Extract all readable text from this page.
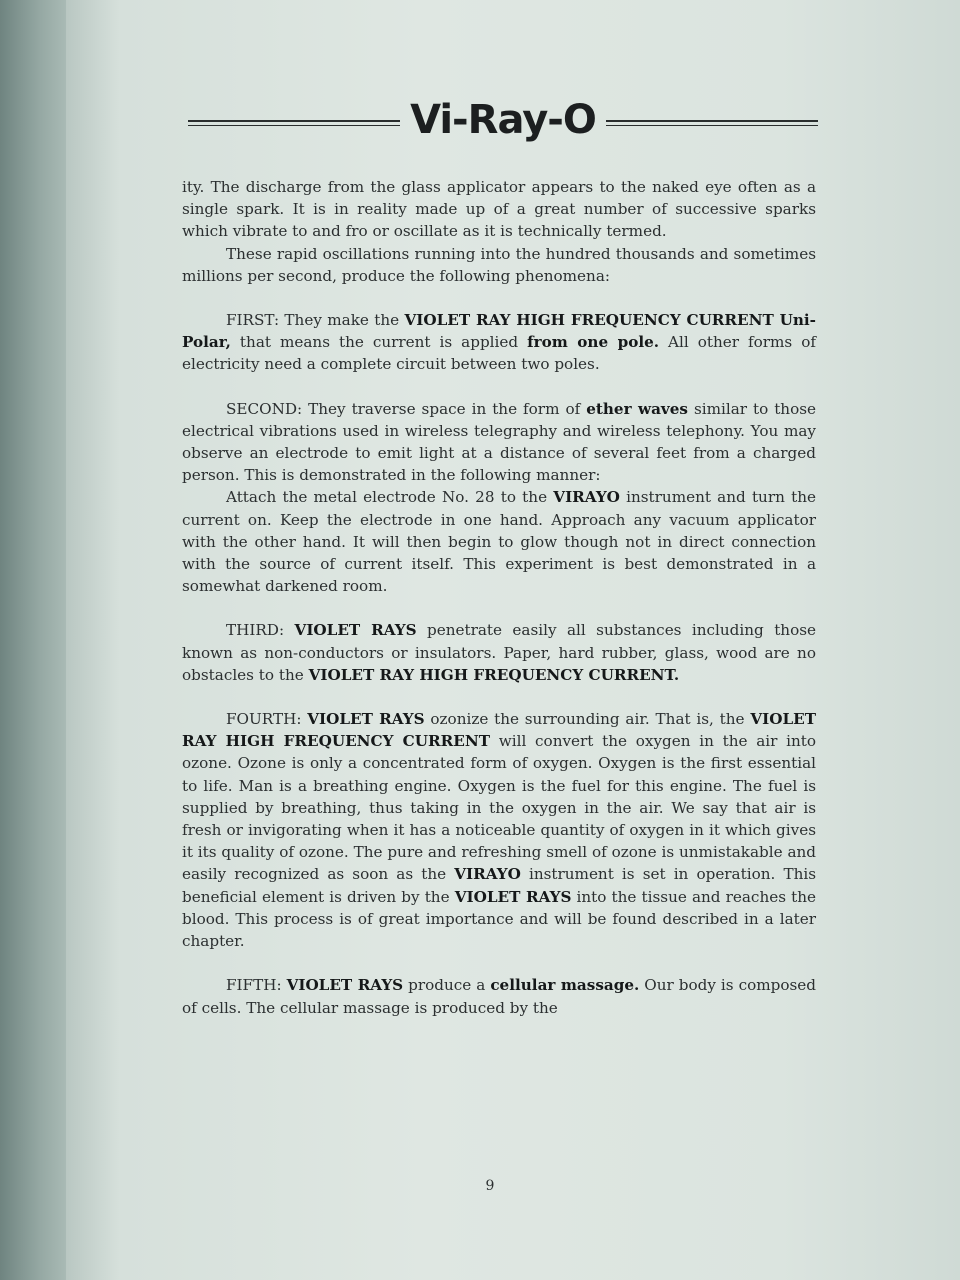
Vi-Ray-O

ity. The discharge from the glass applicator appears to the naked eye often as a single spark. It is in reality made up of a great number of successive sparks which vibrate to and fro or oscillate as it is technically termed.

These rapid oscillations running into the hundred thousands and sometimes millions per second, produce the following phenomena:

FIRST: They make the VIOLET RAY HIGH FREQUENCY CURRENT Uni-Polar, that means the current is applied from one pole. All other forms of electricity need a complete circuit between two poles.

SECOND: They traverse space in the form of ether waves similar to those electrical vibrations used in wireless telegraphy and wireless telephony. You may observe an electrode to emit light at a distance of several feet from a charged person. This is demonstrated in the following manner:

Attach the metal electrode No. 28 to the VIRAYO instrument and turn the current on. Keep the electrode in one hand. Approach any vacuum applicator with the other hand. It will then begin to glow though not in direct connection with the source of current itself. This experiment is best demonstrated in a somewhat darkened room.

THIRD: VIOLET RAYS penetrate easily all substances including those known as non-conductors or insulators. Paper, hard rubber, glass, wood are no obstacles to the VIOLET RAY HIGH FREQUENCY CURRENT.

FOURTH: VIOLET RAYS ozonize the surrounding air. That is, the VIOLET RAY HIGH FREQUENCY CURRENT will convert the oxygen in the air into ozone. Ozone is only a concentrated form of oxygen. Oxygen is the first essential to life. Man is a breathing engine. Oxygen is the fuel for this engine. The fuel is supplied by breathing, thus taking in the oxygen in the air. We say that air is fresh or invigorating when it has a noticeable quantity of oxygen in it which gives it its quality of ozone. The pure and refreshing smell of ozone is unmistakable and easily recognized as soon as the VIRAYO instrument is set in operation. This beneficial element is driven by the VIOLET RAYS into the tissue and reaches the blood. This process is of great importance and will be found described in a later chapter.

FIFTH: VIOLET RAYS produce a cellular massage. Our body is composed of cells. The cellular massage is produced by the

9
